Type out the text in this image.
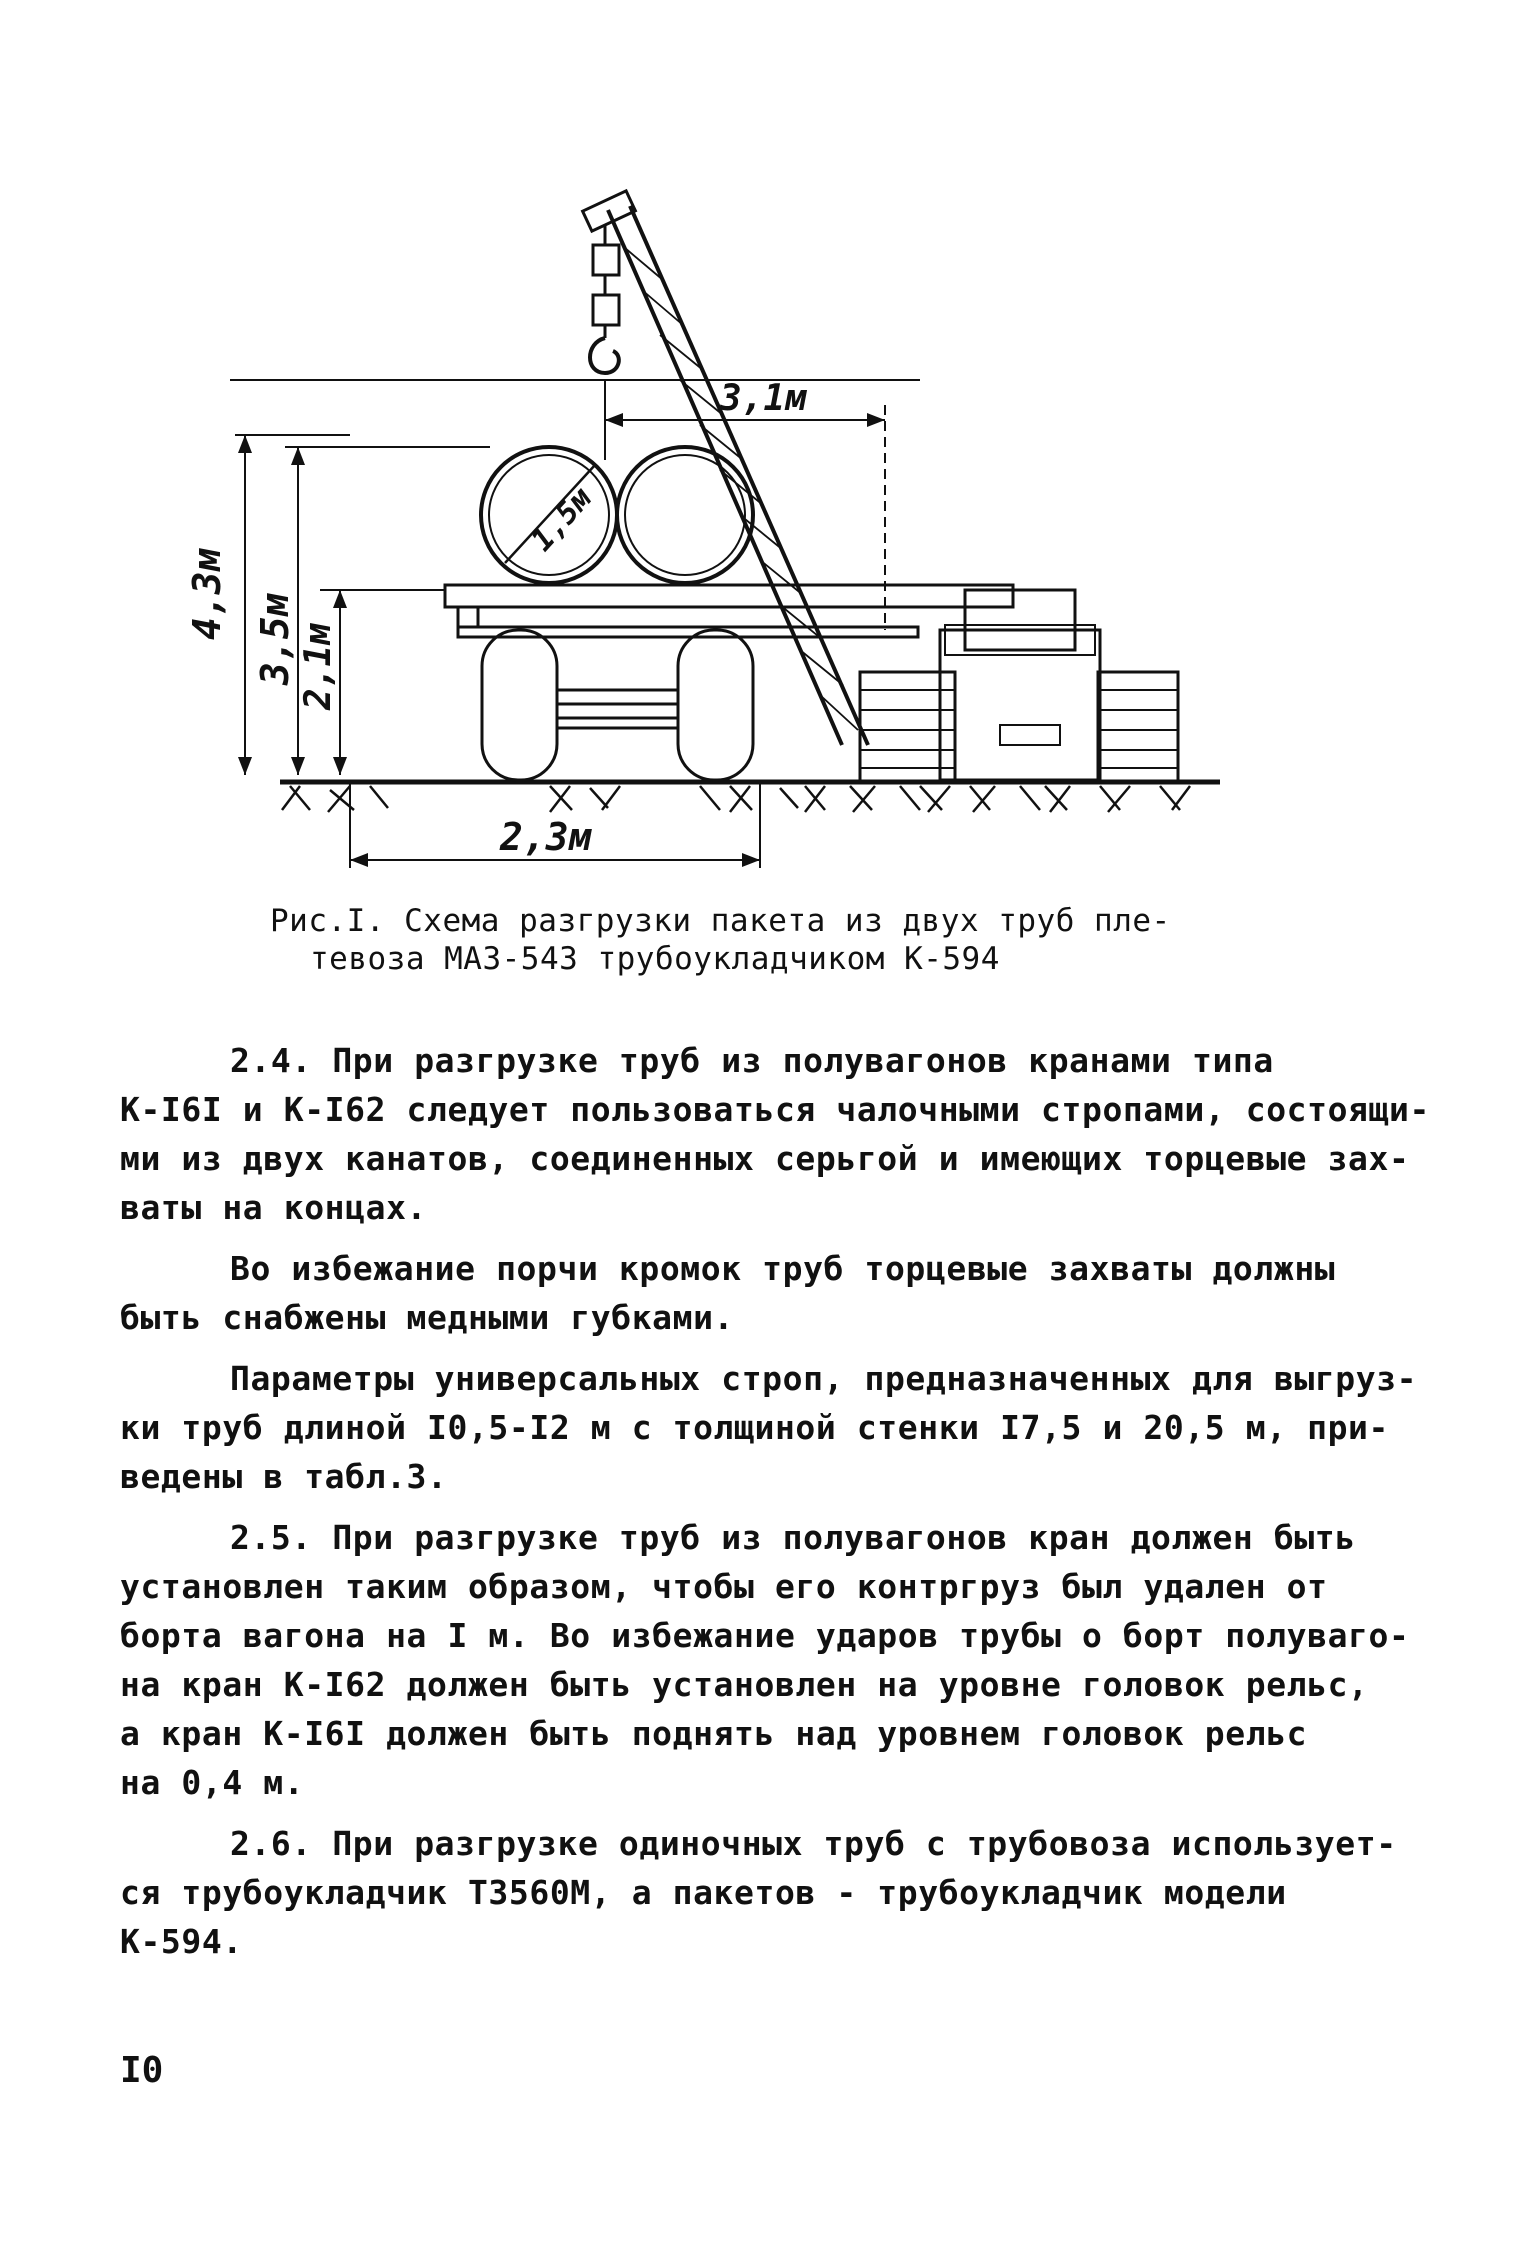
3,1м
2,3м
1,5м
4,3м 3,5м 2,1м
Рис.I. Схема разгрузки пакета из двух труб пле-
тевоза МАЗ-543 трубоукладчиком К-594
2.4. При разгрузке труб из полувагонов кранами типа
К-I6I и К-I62 следует пользоваться чалочными стропами, состоящи-
ми из двух канатов, соединенных серьгой и имеющих торцевые зах-
ваты на концах.
Во избежание порчи кромок труб торцевые захваты должны
быть снабжены медными губками.
Параметры универсальных строп, предназначенных для выгруз-
ки труб длиной I0,5-I2 м с толщиной стенки I7,5 и 20,5 м, при-
ведены в табл.3.
2.5. При разгрузке труб из полувагонов кран должен быть
установлен таким образом, чтобы его контргруз был удален от
борта вагона на I м. Во избежание ударов трубы о борт полуваго-
на кран К-I62 должен быть установлен на уровне головок рельс,
а кран К-I6I должен быть поднять над уровнем головок рельс
на 0,4 м.
2.6. При разгрузке одиночных труб с трубовоза использует-
ся трубоукладчик Т3560М, а пакетов - трубоукладчик модели
К-594.
I0
